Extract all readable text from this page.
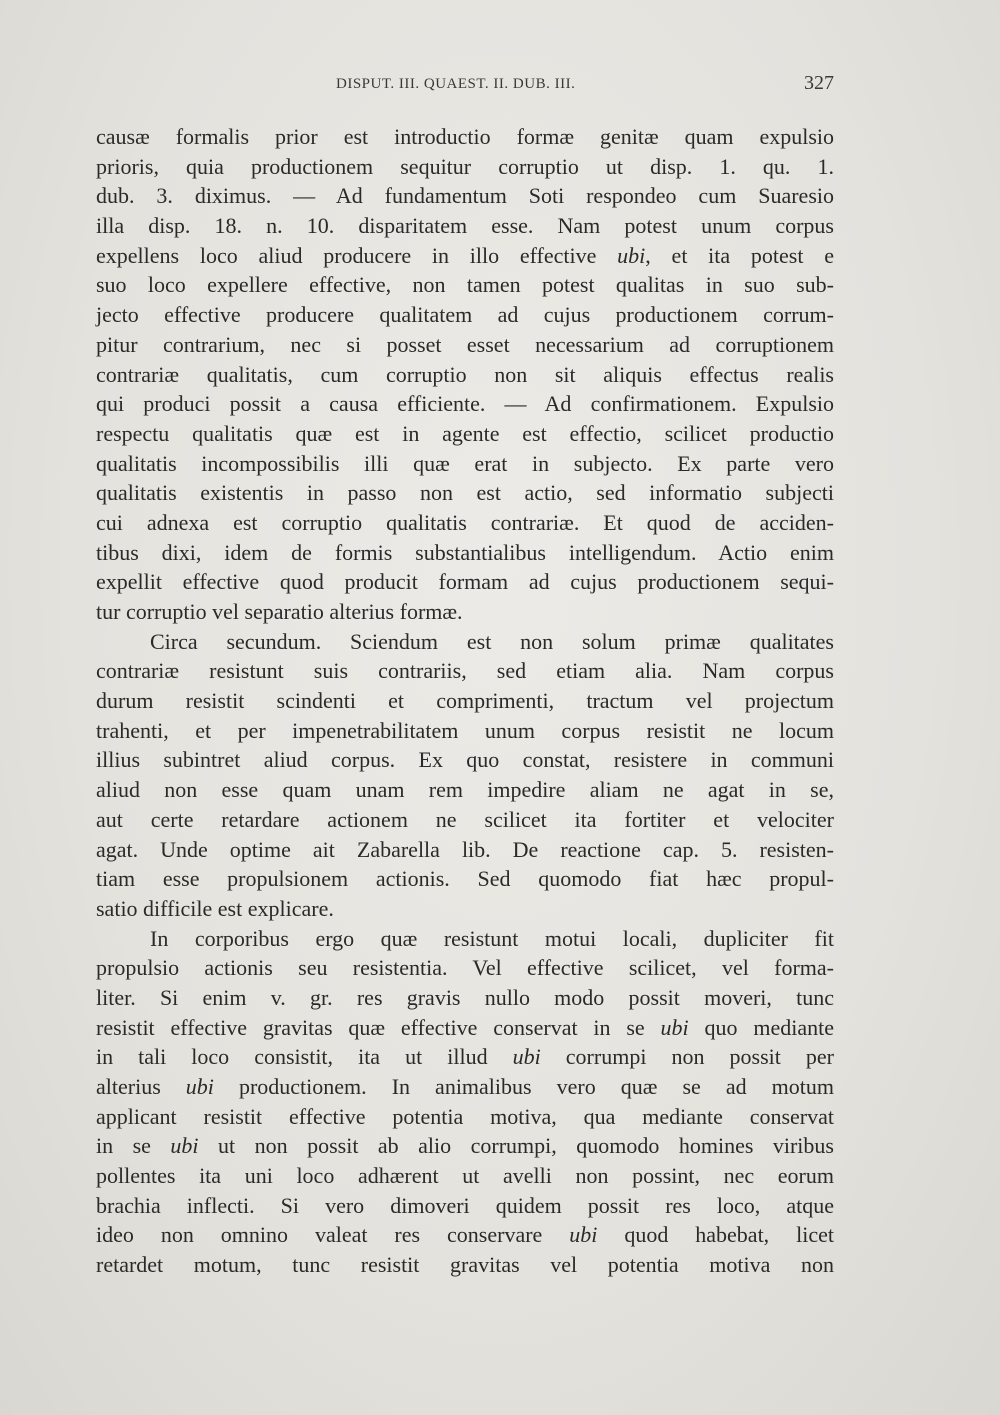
DISPUT. III. QUAEST. II. DUB. III.	327
causæ formalis prior est introductio formæ genitæ quam expulsio
prioris, quia productionem sequitur corruptio ut disp. 1. qu. 1.
dub. 3. diximus. — Ad fundamentum Soti respondeo cum Suaresio
illa disp. 18. n. 10. disparitatem esse. Nam potest unum corpus
expellens loco aliud producere in illo effective ubi, et ita potest e
suo loco expellere effective, non tamen potest qualitas in suo sub-
jecto effective producere qualitatem ad cujus productionem corrum-
pitur contrarium, nec si posset esset necessarium ad corruptionem
contrariæ qualitatis, cum corruptio non sit aliquis effectus realis
qui produci possit a causa efficiente. — Ad confirmationem. Expulsio
respectu qualitatis quæ est in agente est effectio, scilicet productio
qualitatis incompossibilis illi quæ erat in subjecto. Ex parte vero
qualitatis existentis in passo non est actio, sed informatio subjecti
cui adnexa est corruptio qualitatis contrariæ. Et quod de acciden-
tibus dixi, idem de formis substantialibus intelligendum. Actio enim
expellit effective quod producit formam ad cujus productionem sequi-
tur corruptio vel separatio alterius formæ.
Circa secundum. Sciendum est non solum primæ qualitates
contrariæ resistunt suis contrariis, sed etiam alia. Nam corpus
durum resistit scindenti et comprimenti, tractum vel projectum
trahenti, et per impenetrabilitatem unum corpus resistit ne locum
illius subintret aliud corpus. Ex quo constat, resistere in communi
aliud non esse quam unam rem impedire aliam ne agat in se,
aut certe retardare actionem ne scilicet ita fortiter et velociter
agat. Unde optime ait Zabarella lib. De reactione cap. 5. resisten-
tiam esse propulsionem actionis. Sed quomodo fiat hæc propul-
satio difficile est explicare.
In corporibus ergo quæ resistunt motui locali, dupliciter fit
propulsio actionis seu resistentia. Vel effective scilicet, vel forma-
liter. Si enim v. gr. res gravis nullo modo possit moveri, tunc
resistit effective gravitas quæ effective conservat in se ubi quo mediante
in tali loco consistit, ita ut illud ubi corrumpi non possit per
alterius ubi productionem. In animalibus vero quæ se ad motum
applicant resistit effective potentia motiva, qua mediante conservat
in se ubi ut non possit ab alio corrumpi, quomodo homines viribus
pollentes ita uni loco adhærent ut avelli non possint, nec eorum
brachia inflecti. Si vero dimoveri quidem possit res loco, atque
ideo non omnino valeat res conservare ubi quod habebat, licet
retardet motum, tunc resistit gravitas vel potentia motiva non
